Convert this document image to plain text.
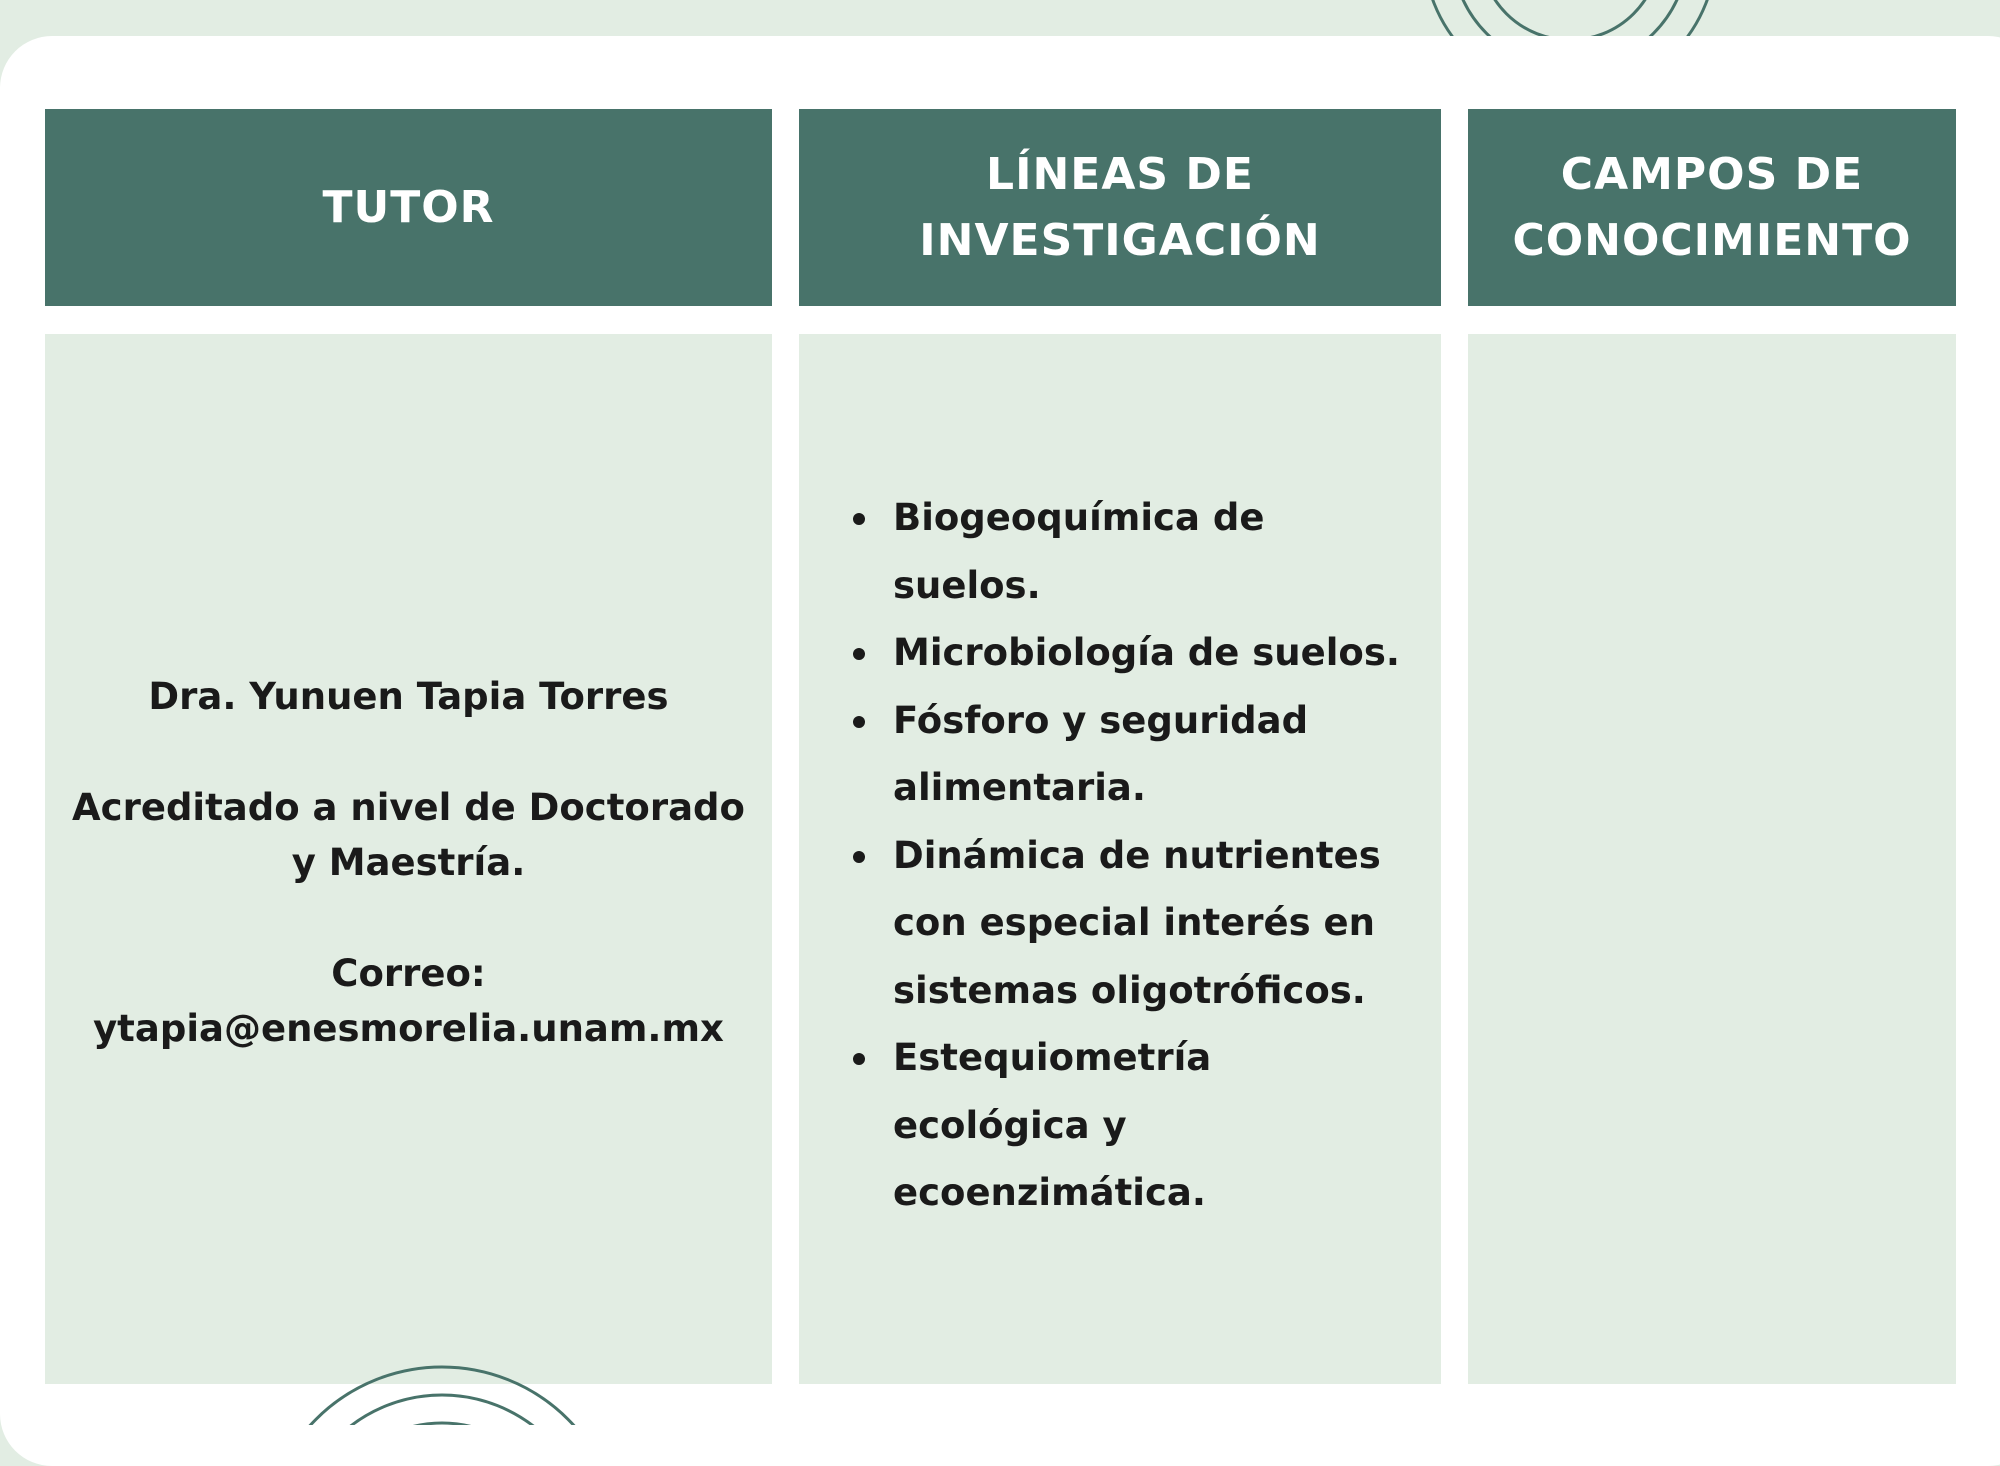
TUTOR
LÍNEAS DE INVESTIGACIÓN
CAMPOS DE
CONOCIMIENTO
Dra. Yunuen Tapia Torres
Acreditado a nivel de Doctorado
y Maestría.
Correo:
ytapia@enesmorelia.unam.mx
Biogeoquímica de
suelos.
Microbiología de suelos.
Fósforo y seguridad
alimentaria.
Dinámica de nutrientes
con especial interés en
sistemas oligotróficos.
Estequiometría
ecológica y
ecoenzimática.
